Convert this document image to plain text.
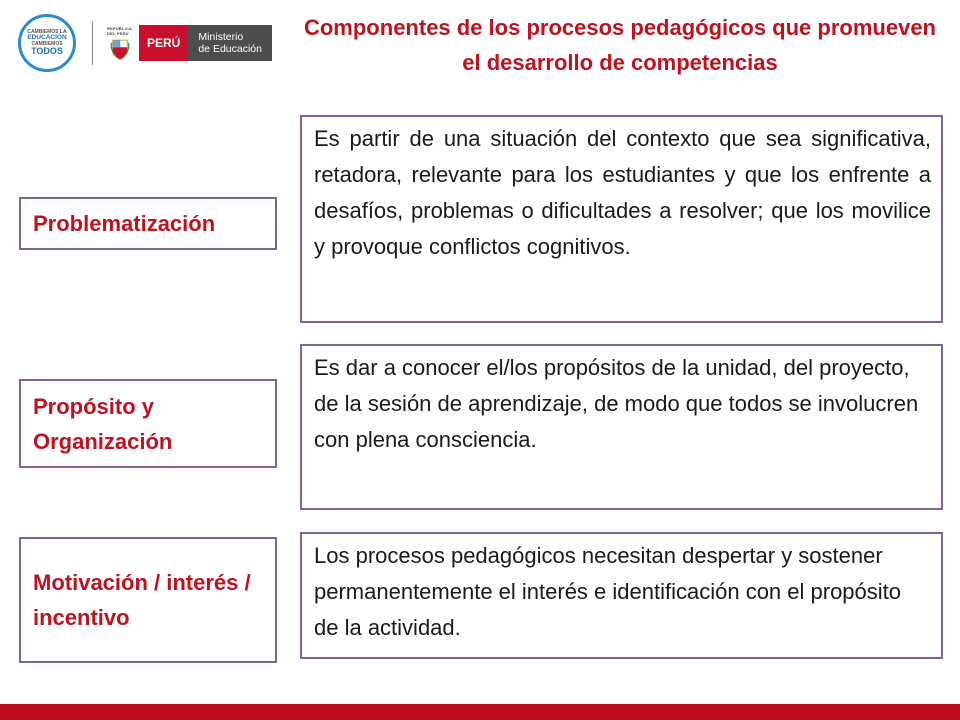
CAMBIEMOS LA
EDUCACIÓN
CAMBIEMOS
TODOS
REPÚBLICA DEL PERÚ
PERÚ	Ministerio
de Educación
Componentes de los procesos pedagógicos que promueven el desarrollo de competencias
Problematización
Es partir de una situación del contexto que sea significativa, retadora, relevante para los estudiantes y que los enfrente a desafíos, problemas o dificultades a resolver; que los movilice y provoque conflictos cognitivos.
Propósito y Organización
Es dar a conocer el/los propósitos de la unidad, del proyecto, de la sesión de aprendizaje, de modo que todos se involucren con plena consciencia.
Motivación / interés / incentivo
Los procesos pedagógicos necesitan despertar y sostener permanentemente el interés e identificación con el propósito de la actividad.
